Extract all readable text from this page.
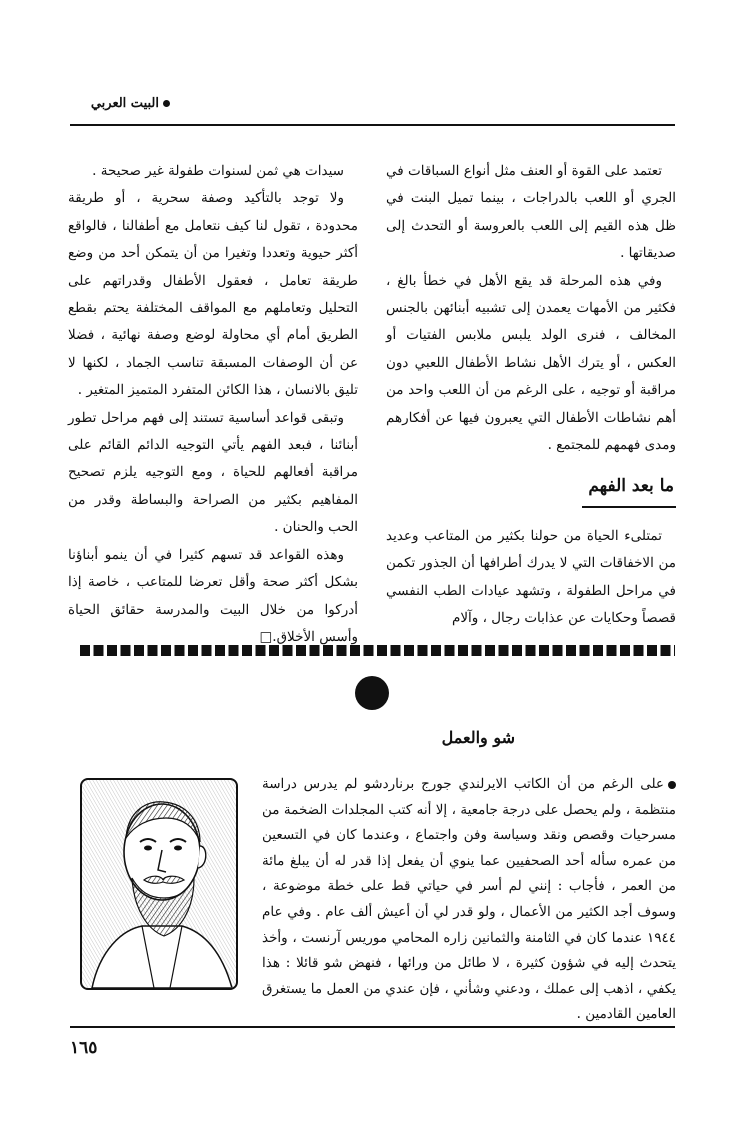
البيت العربي

تعتمد على القوة أو العنف مثل أنواع السباقات في الجري أو اللعب بالدراجات ، بينما تميل البنت في ظل هذه القيم إلى اللعب بالعروسة أو التحدث إلى صديقاتها .

وفي هذه المرحلة قد يقع الأهل في خطأ بالغ ، فكثير من الأمهات يعمدن إلى تشبيه أبنائهن بالجنس المخالف ، فنرى الولد يلبس ملابس الفتيات أو العكس ، أو يترك الأهل نشاط الأطفال اللعبي دون مراقبة أو توجيه ، على الرغم من أن اللعب واحد من أهم نشاطات الأطفال التي يعبرون فيها عن أفكارهم ومدى فهمهم للمجتمع .

ما بعد الفهم

تمتلىء الحياة من حولنا بكثير من المتاعب وعديد من الاخفاقات التي لا يدرك أطرافها أن الجذور تكمن في مراحل الطفولة ، وتشهد عيادات الطب النفسي قصصاً وحكايات عن عذابات رجال ، وآلام

سيدات هي ثمن لسنوات طفولة غير صحيحة .

ولا توجد بالتأكيد وصفة سحرية ، أو طريقة محدودة ، تقول لنا كيف نتعامل مع أطفالنا ، فالواقع أكثر حيوية وتعددا وتغيرا من أن يتمكن أحد من وضع طريقة تعامل ، فعقول الأطفال وقدراتهم على التحليل وتعاملهم مع المواقف المختلفة يحتم بقطع الطريق أمام أي محاولة لوضع وصفة نهائية ، فضلا عن أن الوصفات المسبقة تناسب الجماد ، لكنها لا تليق بالانسان ، هذا الكائن المتفرد المتميز المتغير .

وتبقى قواعد أساسية تستند إلى فهم مراحل تطور أبنائنا ، فبعد الفهم يأتي التوجيه الدائم القائم على مراقبة أفعالهم للحياة ، ومع التوجيه يلزم تصحيح المفاهيم بكثير من الصراحة والبساطة وقدر من الحب والحنان .

وهذه القواعد قد تسهم كثيرا في أن ينمو أبناؤنا بشكل أكثر صحة وأقل تعرضا للمتاعب ، خاصة إذا أدركوا من خلال البيت والمدرسة حقائق الحياة وأسس الأخلاق.□

شو والعمل
على الرغم من أن الكاتب الايرلندي جورج برناردشو لم يدرس دراسة منتظمة ، ولم يحصل على درجة جامعية ، إلا أنه كتب المجلدات الضخمة من مسرحيات وقصص ونقد وسياسة وفن واجتماع ، وعندما كان في التسعين من عمره سأله أحد الصحفيين عما ينوي أن يفعل إذا قدر له أن يبلغ مائة من العمر ، فأجاب : إنني لم أسر في حياتي قط على خطة موضوعة ، وسوف أجد الكثير من الأعمال ، ولو قدر لي أن أعيش ألف عام . وفي عام ١٩٤٤ عندما كان في الثامنة والثمانين زاره المحامي موريس آرنست ، وأخذ يتحدث إليه في شؤون كثيرة ، لا طائل من ورائها ، فنهض شو قائلا : هذا يكفي ، اذهب إلى عملك ، ودعني وشأني ، فإن عندي من العمل ما يستغرق العامين القادمين .
١٦٥
